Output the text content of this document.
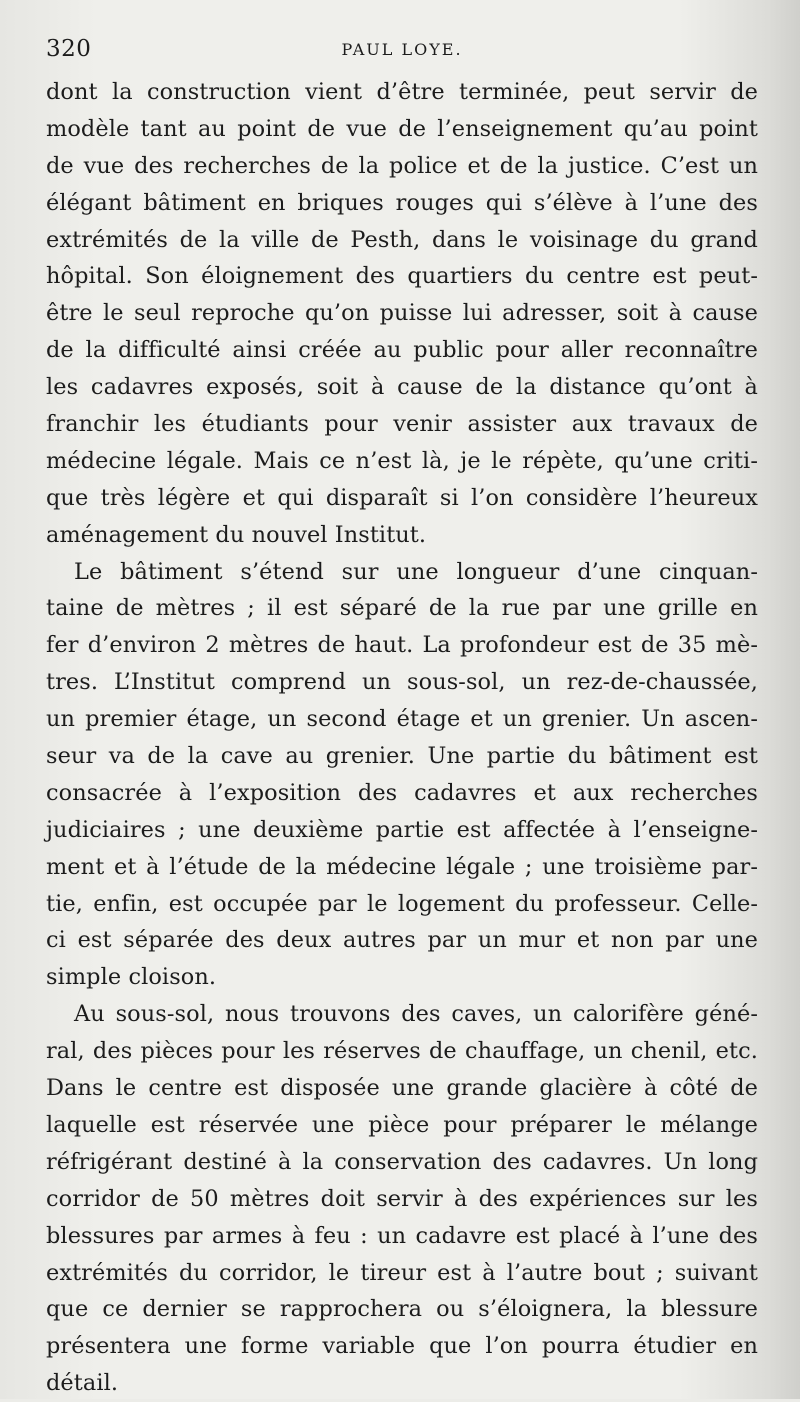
320	PAUL LOYE.
dont la construction vient d’être terminée, peut servir de
modèle tant au point de vue de l’enseignement qu’au point
de vue des recherches de la police et de la justice. C’est un
élégant bâtiment en briques rouges qui s’élève à l’une des
extrémités de la ville de Pesth, dans le voisinage du grand
hôpital. Son éloignement des quartiers du centre est peut-
être le seul reproche qu’on puisse lui adresser, soit à cause
de la difficulté ainsi créée au public pour aller reconnaître
les cadavres exposés, soit à cause de la distance qu’ont à
franchir les étudiants pour venir assister aux travaux de
médecine légale. Mais ce n’est là, je le répète, qu’une criti-
que très légère et qui disparaît si l’on considère l’heureux
aménagement du nouvel Institut.
Le bâtiment s’étend sur une longueur d’une cinquan-
taine de mètres ; il est séparé de la rue par une grille en
fer d’environ 2 mètres de haut. La profondeur est de 35 mè-
tres. L’Institut comprend un sous-sol, un rez-de-chaussée,
un premier étage, un second étage et un grenier. Un ascen-
seur va de la cave au grenier. Une partie du bâtiment est
consacrée à l’exposition des cadavres et aux recherches
judiciaires ; une deuxième partie est affectée à l’enseigne-
ment et à l’étude de la médecine légale ; une troisième par-
tie, enfin, est occupée par le logement du professeur. Celle-
ci est séparée des deux autres par un mur et non par une
simple cloison.
Au sous-sol, nous trouvons des caves, un calorifère géné-
ral, des pièces pour les réserves de chauffage, un chenil, etc.
Dans le centre est disposée une grande glacière à côté de
laquelle est réservée une pièce pour préparer le mélange
réfrigérant destiné à la conservation des cadavres. Un long
corridor de 50 mètres doit servir à des expériences sur les
blessures par armes à feu : un cadavre est placé à l’une des
extrémités du corridor, le tireur est à l’autre bout ; suivant
que ce dernier se rapprochera ou s’éloignera, la blessure
présentera une forme variable que l’on pourra étudier en
détail.
